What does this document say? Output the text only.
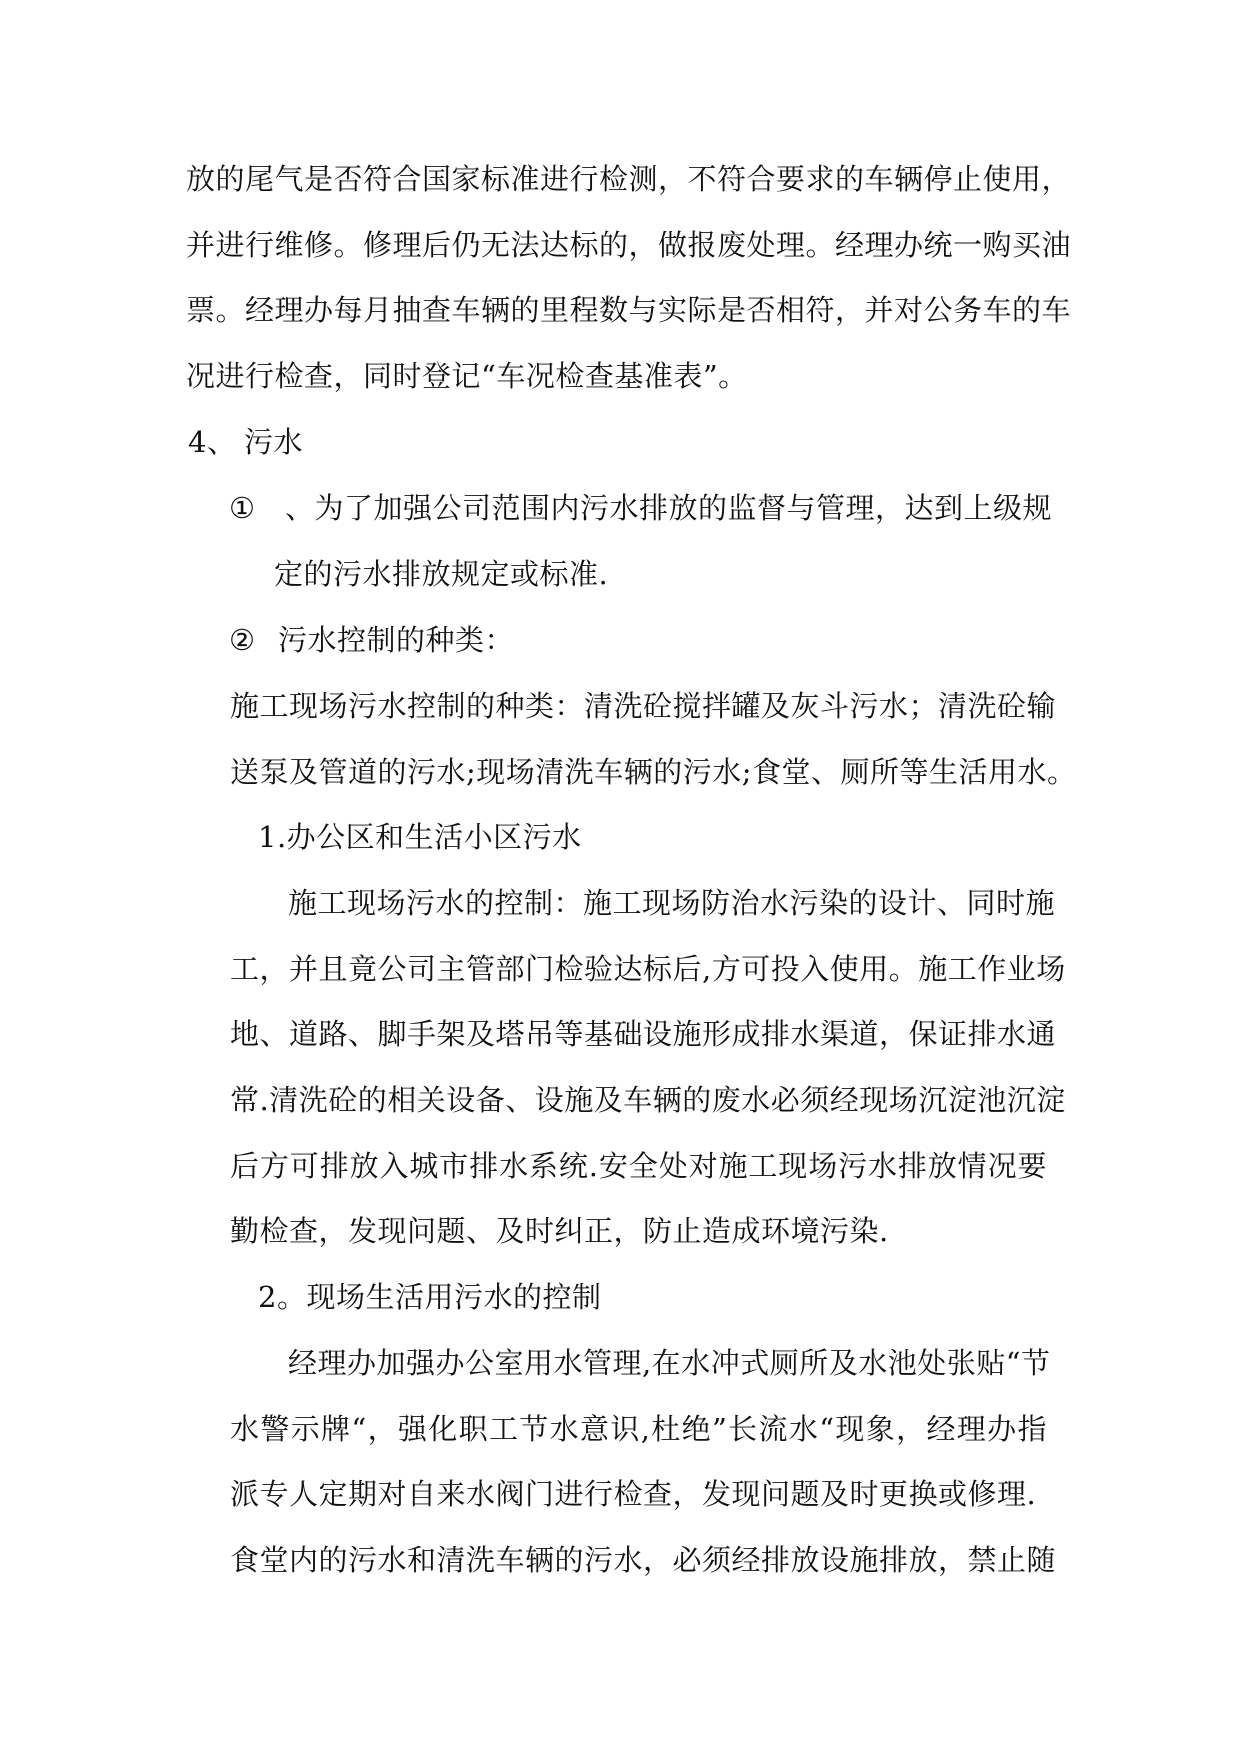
放的尾气是否符合国家标准进行检测，不符合要求的车辆停止使用，
并进行维修。修理后仍无法达标的，做报废处理。经理办统一购买油
票。经理办每月抽查车辆的里程数与实际是否相符，并对公务车的车
况进行检查，同时登记“车况检查基准表”。
4、 污水
① 、为了加强公司范围内污水排放的监督与管理，达到上级规
定的污水排放规定或标准.
② 污水控制的种类：
施工现场污水控制的种类：清洗砼搅拌罐及灰斗污水；清洗砼输
送泵及管道的污水;现场清洗车辆的污水;食堂、厕所等生活用水。
1.办公区和生活小区污水
施工现场污水的控制：施工现场防治水污染的设计、同时施
工，并且竟公司主管部门检验达标后,方可投入使用。施工作业场
地、道路、脚手架及塔吊等基础设施形成排水渠道，保证排水通
常.清洗砼的相关设备、设施及车辆的废水必须经现场沉淀池沉淀
后方可排放入城市排水系统.安全处对施工现场污水排放情况要
勤检查，发现问题、及时纠正，防止造成环境污染.
2。现场生活用污水的控制
经理办加强办公室用水管理,在水冲式厕所及水池处张贴“节
水警示牌“，强化职工节水意识,杜绝”长流水“现象，经理办指
派专人定期对自来水阀门进行检查，发现问题及时更换或修理.
食堂内的污水和清洗车辆的污水，必须经排放设施排放，禁止随
